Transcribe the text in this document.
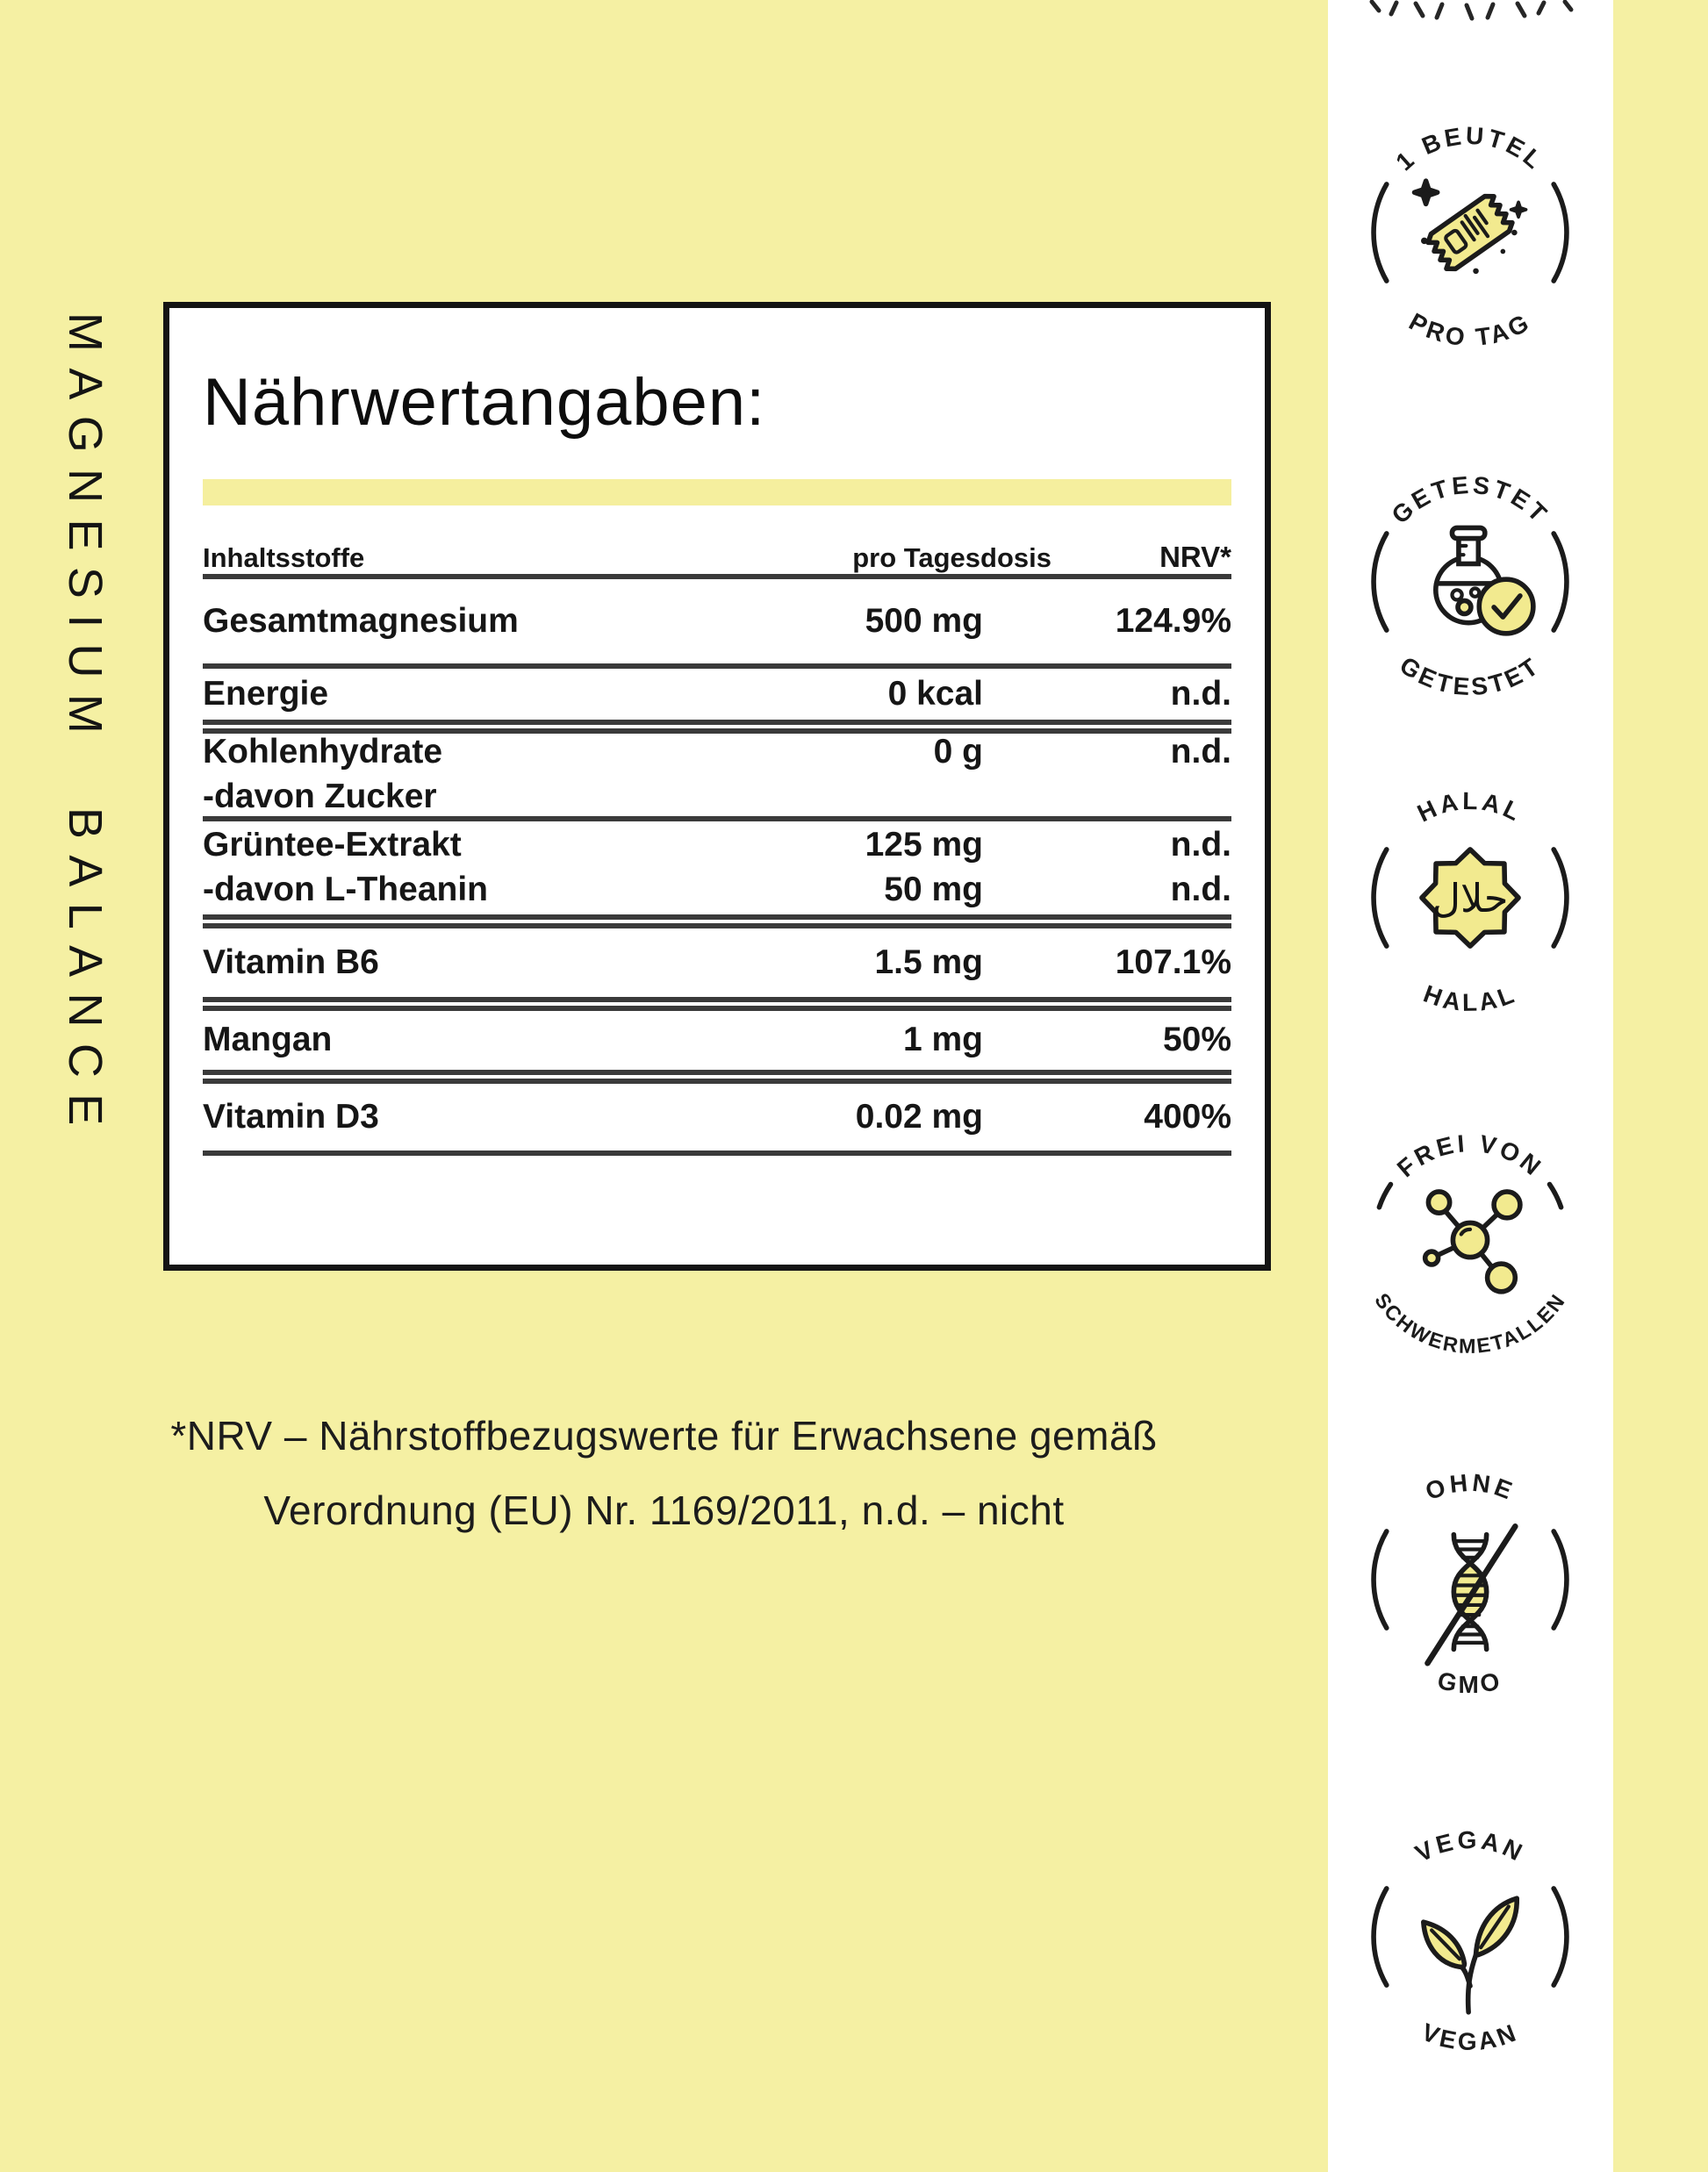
MAGNESIUM BALANCE Nährwertangaben:
Inhaltsstoffe	pro Tagesdosis	NRV*
Gesamtmagnesium	500 mg	124.9%
Energie	0 kcal	n.d.
Kohlenhydrate	0 g	n.d.
-davon Zucker
Grüntee-Extrakt	125 mg	n.d.
-davon L-Theanin	50 mg	n.d.
Vitamin B6	1.5 mg	107.1%
Mangan	1 mg	50%
Vitamin D3	0.02 mg	400%
*NRV – Nährstoffbezugswerte für Erwachsene gemäß
Verordnung (EU) Nr. 1169/2011, n.d. – nicht
1 BEUTEL
PRO TAG
GETESTET
GETESTET
HALAL
HALAL
حلال
FREI VON
SCHWERMETALLEN
OHNE
GMO
VEGAN
VEGAN
